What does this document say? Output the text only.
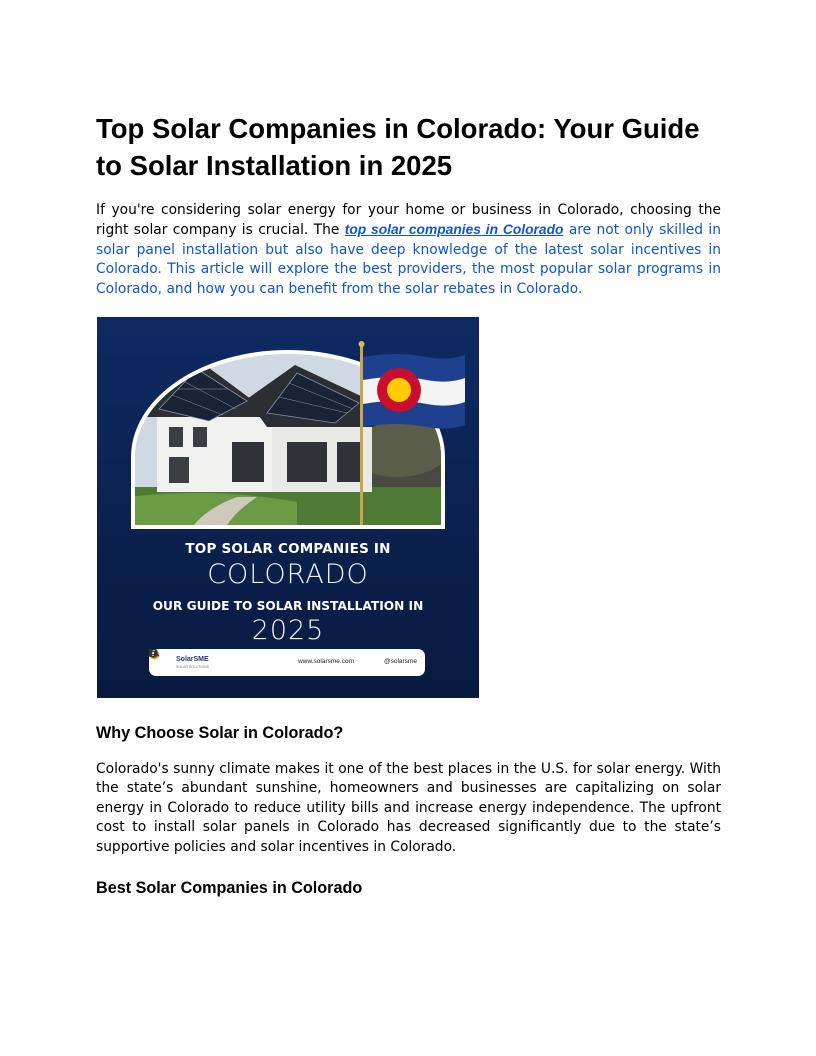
Top Solar Companies in Colorado: Your Guide to Solar Installation in 2025

If you're considering solar energy for your home or business in Colorado, choosing the right solar company is crucial. The top solar companies in Colorado are not only skilled in solar panel installation but also have deep knowledge of the latest solar incentives in Colorado. This article will explore the best providers, the most popular solar programs in Colorado, and how you can benefit from the solar rebates in Colorado.

TOP SOLAR COMPANIES IN
COLORADO
OUR GUIDE TO SOLAR INSTALLATION IN
2025
SolarSME
SOLAR SOLUTIONS
www.solarsme.com	@solarsme
Why Choose Solar in Colorado?

Colorado's sunny climate makes it one of the best places in the U.S. for solar energy. With the state’s abundant sunshine, homeowners and businesses are capitalizing on solar energy in Colorado to reduce utility bills and increase energy independence. The upfront cost to install solar panels in Colorado has decreased significantly due to the state’s supportive policies and solar incentives in Colorado.

Best Solar Companies in Colorado
